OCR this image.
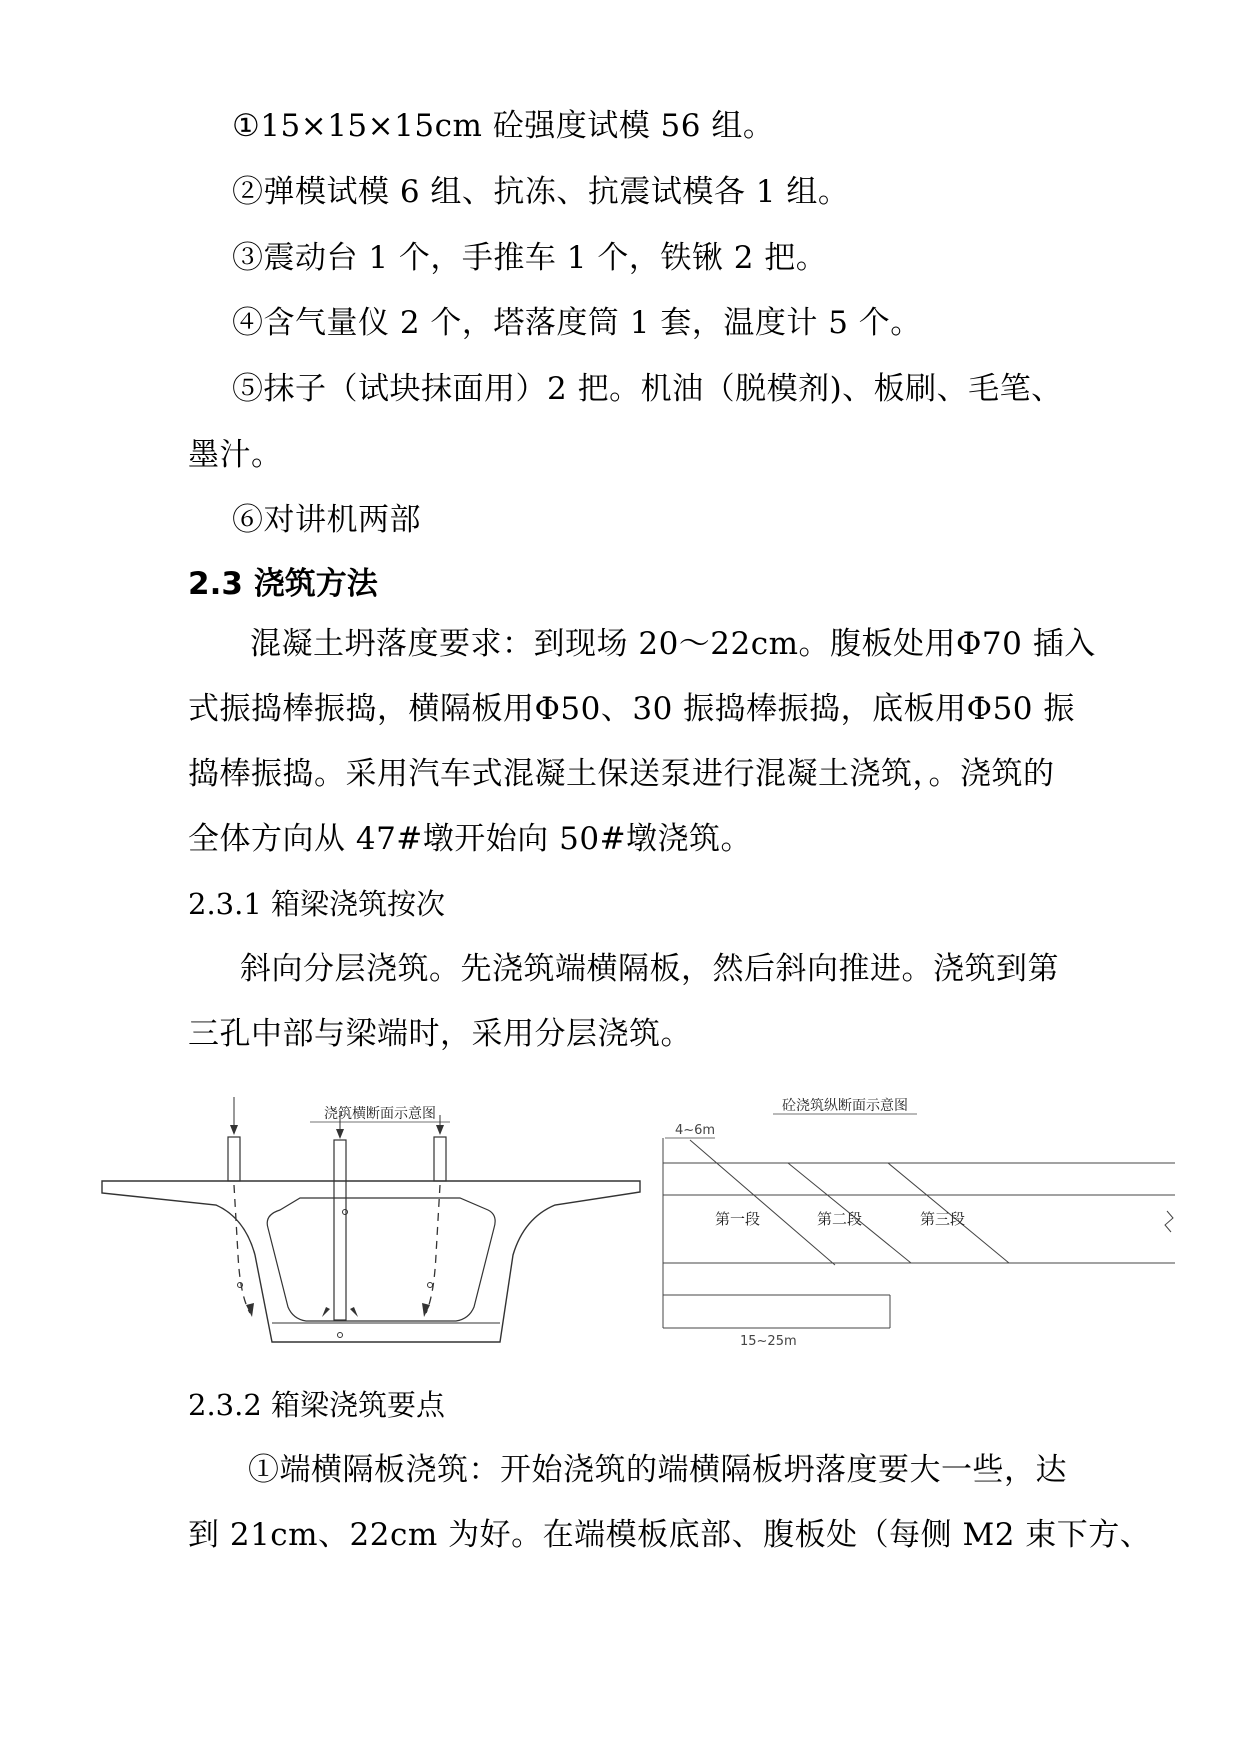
①15×15×15cm 砼强度试模 56 组。
②弹模试模 6 组、抗冻、抗震试模各 1 组。
③震动台 1 个，手推车 1 个，铁锹 2 把。
④含气量仪 2 个，塔落度筒 1 套，温度计 5 个。
⑤抹子（试块抹面用）2 把。机油（脱模剂)、板刷、毛笔、
墨汁。
⑥对讲机两部
2.3 浇筑方法
混凝土坍落度要求：到现场 20～22cm。腹板处用Φ70 插入
式振捣棒振捣，横隔板用Φ50、30 振捣棒振捣，底板用Φ50 振
捣棒振捣。采用汽车式混凝土保送泵进行混凝土浇筑，。浇筑的
全体方向从 47#墩开始向 50#墩浇筑。
2.3.1 箱梁浇筑按次
斜向分层浇筑。先浇筑端横隔板，然后斜向推进。浇筑到第
三孔中部与梁端时，采用分层浇筑。
浇筑横断面示意图	砼浇筑纵断面示意图
4~6m
第一段	第二段	第三段
15~25m
2.3.2 箱梁浇筑要点
①端横隔板浇筑：开始浇筑的端横隔板坍落度要大一些，达
到 21cm、22cm 为好。在端模板底部、腹板处（每侧 M2 束下方、
